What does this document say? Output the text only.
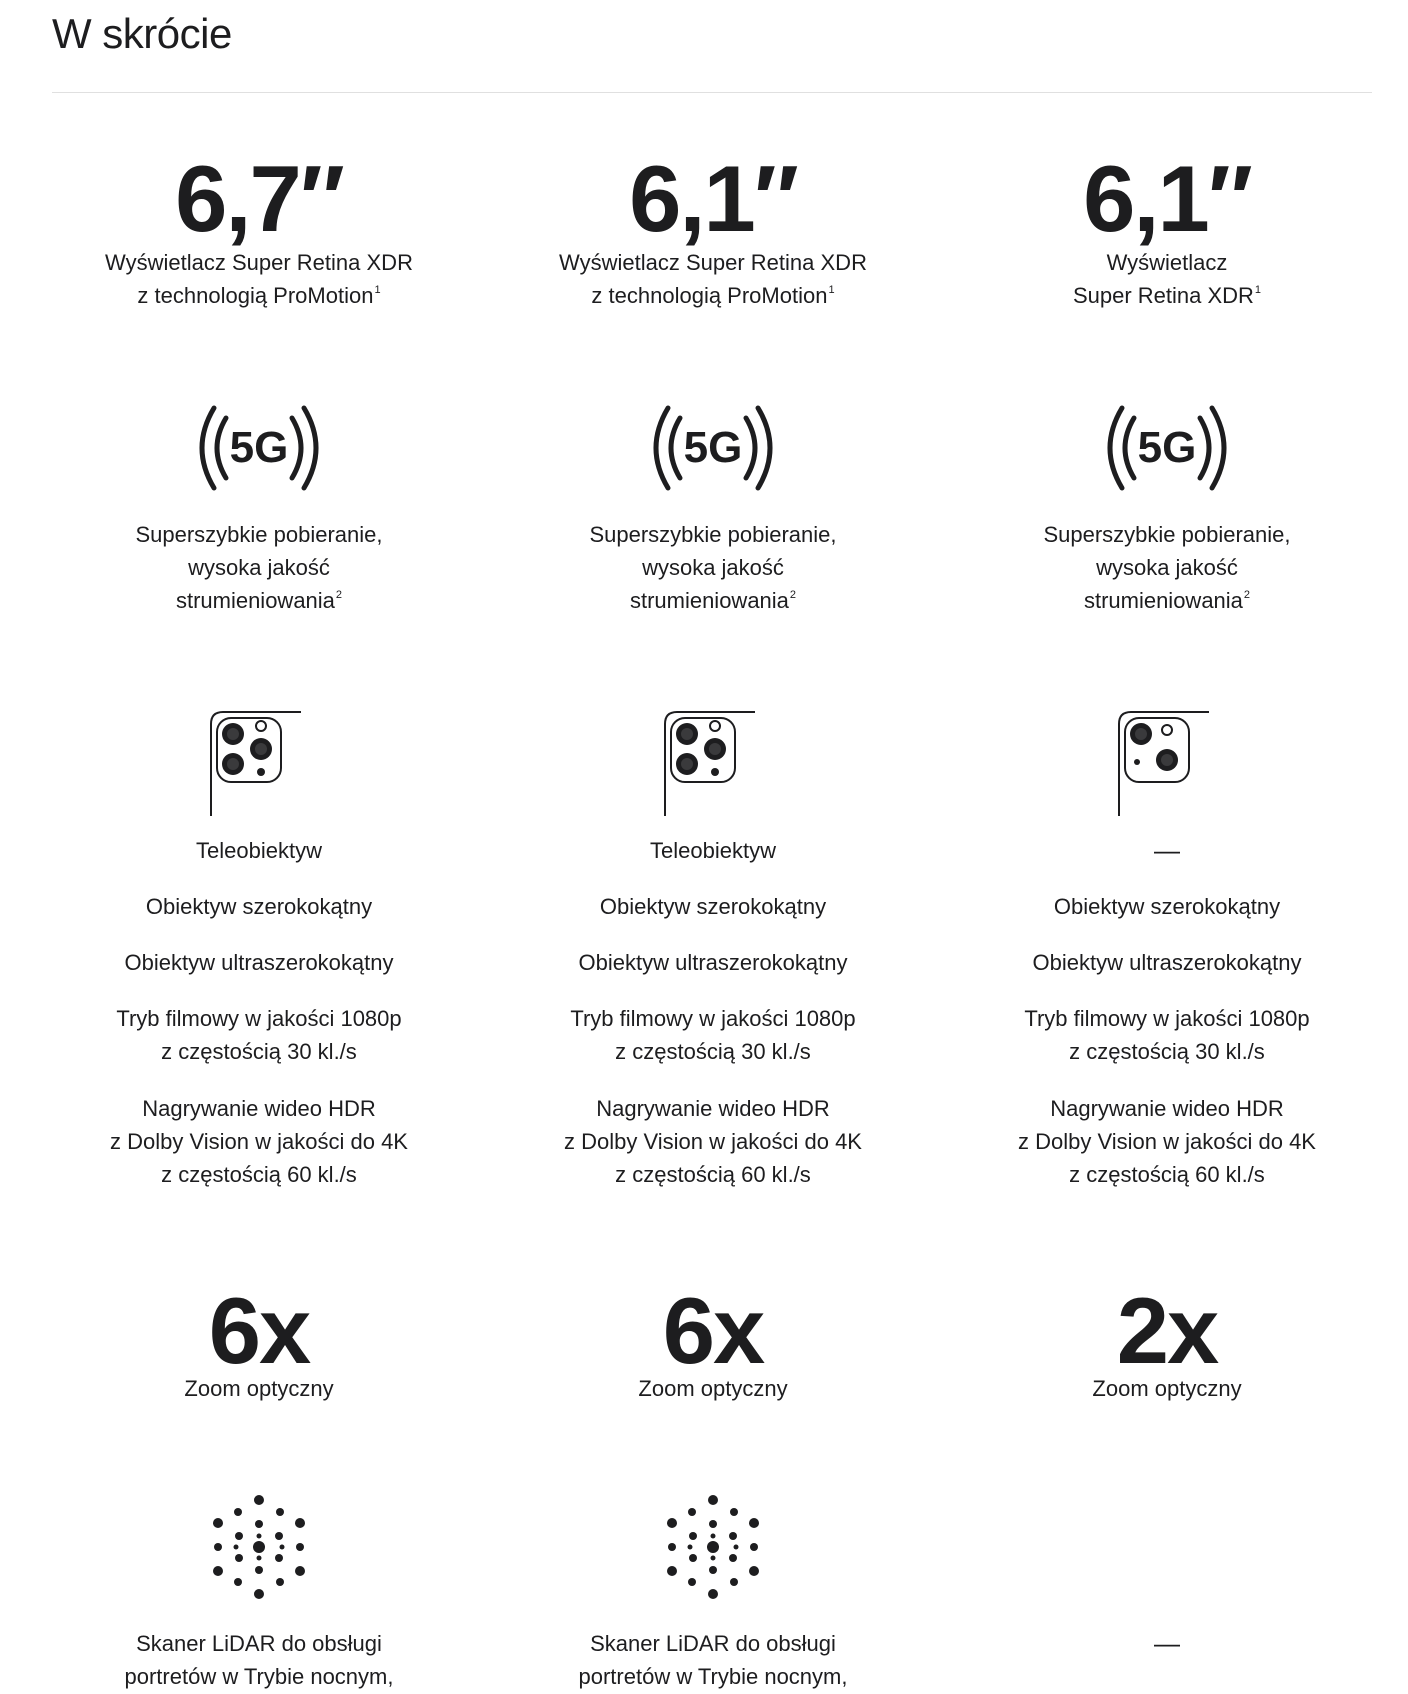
W skrócie
6,7″
Wyświetlacz Super Retina XDR
z technologią ProMotion$^1$
5G
Superszybkie pobieranie,
wysoka jakość
strumieniowania$^2$
Teleobiektyw
Obiektyw szerokokątny
Obiektyw ultraszerokokątny
Tryb filmowy w jakości 1080p
z częstością 30 kl./s
Nagrywanie wideo HDR
z Dolby Vision w jakości do 4K
z częstością 60 kl./s
6x
Zoom optyczny
Skaner LiDAR do obsługi
portretów w Trybie nocnym,
6,1″
Wyświetlacz Super Retina XDR
z technologią ProMotion$^1$
5G
Superszybkie pobieranie,
wysoka jakość
strumieniowania$^2$
Teleobiektyw
Obiektyw szerokokątny
Obiektyw ultraszerokokątny
Tryb filmowy w jakości 1080p
z częstością 30 kl./s
Nagrywanie wideo HDR
z Dolby Vision w jakości do 4K
z częstością 60 kl./s
6x
Zoom optyczny
Skaner LiDAR do obsługi
portretów w Trybie nocnym,
6,1″
Wyświetlacz
Super Retina XDR$^1$
5G
Superszybkie pobieranie,
wysoka jakość
strumieniowania$^2$
—
Obiektyw szerokokątny
Obiektyw ultraszerokokątny
Tryb filmowy w jakości 1080p
z częstością 30 kl./s
Nagrywanie wideo HDR
z Dolby Vision w jakości do 4K
z częstością 60 kl./s
2x
Zoom optyczny
—
